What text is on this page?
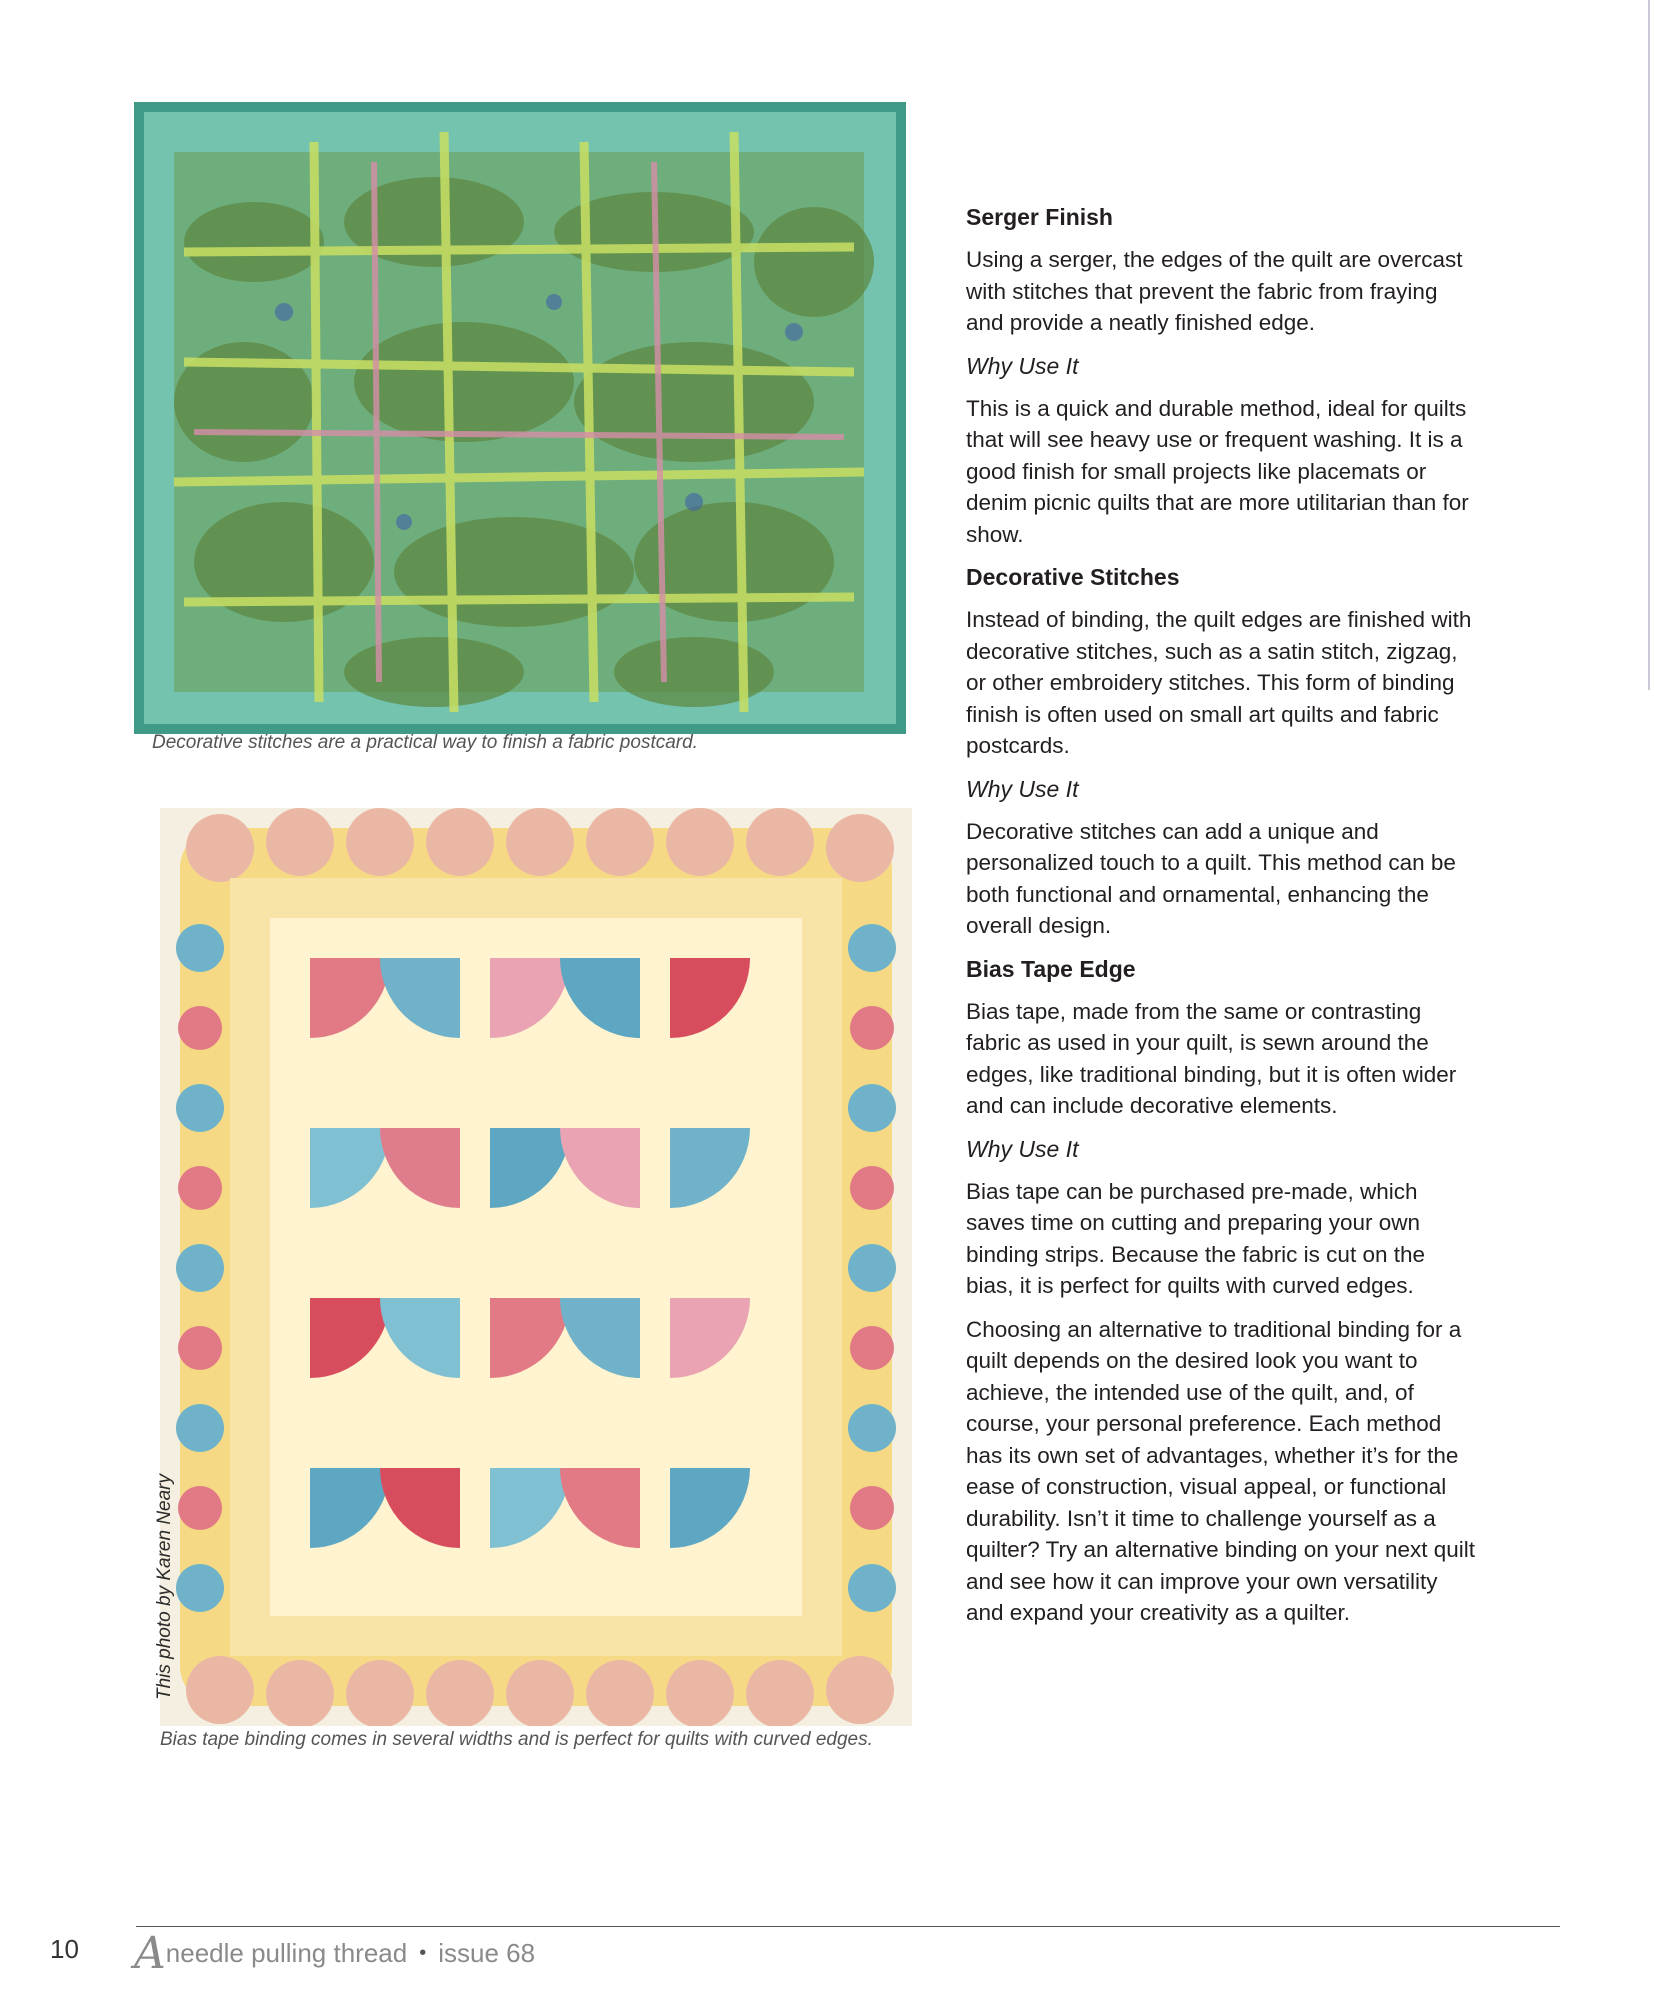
Decorative stitches are a practical way to finish a fabric postcard.
This photo by Karen Neary
Bias tape binding comes in several widths and is perfect for quilts with curved edges.
Serger Finish

Using a serger, the edges of the quilt are overcast with stitches that prevent the fabric from fraying and provide a neatly finished edge.

Why Use It

This is a quick and durable method, ideal for quilts that will see heavy use or frequent washing. It is a good finish for small projects like placemats or denim picnic quilts that are more utilitarian than for show.

Decorative Stitches

Instead of binding, the quilt edges are finished with decorative stitches, such as a satin stitch, zigzag, or other embroidery stitches. This form of binding finish is often used on small art quilts and fabric postcards.

Why Use It

Decorative stitches can add a unique and personalized touch to a quilt. This method can be both functional and ornamental, enhancing the overall design.

Bias Tape Edge

Bias tape, made from the same or contrasting fabric as used in your quilt, is sewn around the edges, like traditional binding, but it is often wider and can include decorative elements.

Why Use It

Bias tape can be purchased pre-made, which saves time on cutting and preparing your own binding strips. Because the fabric is cut on the bias, it is perfect for quilts with curved edges.

Choosing an alternative to traditional binding for a quilt depends on the desired look you want to achieve, the intended use of the quilt, and, of course, your personal preference. Each method has its own set of advantages, whether it’s for the ease of construction, visual appeal, or functional durability. Isn’t it time to challenge yourself as a quilter? Try an alternative binding on your next quilt and see how it can improve your own versatility and expand your creativity as a quilter.

10 Aneedle pulling thread • issue 68
